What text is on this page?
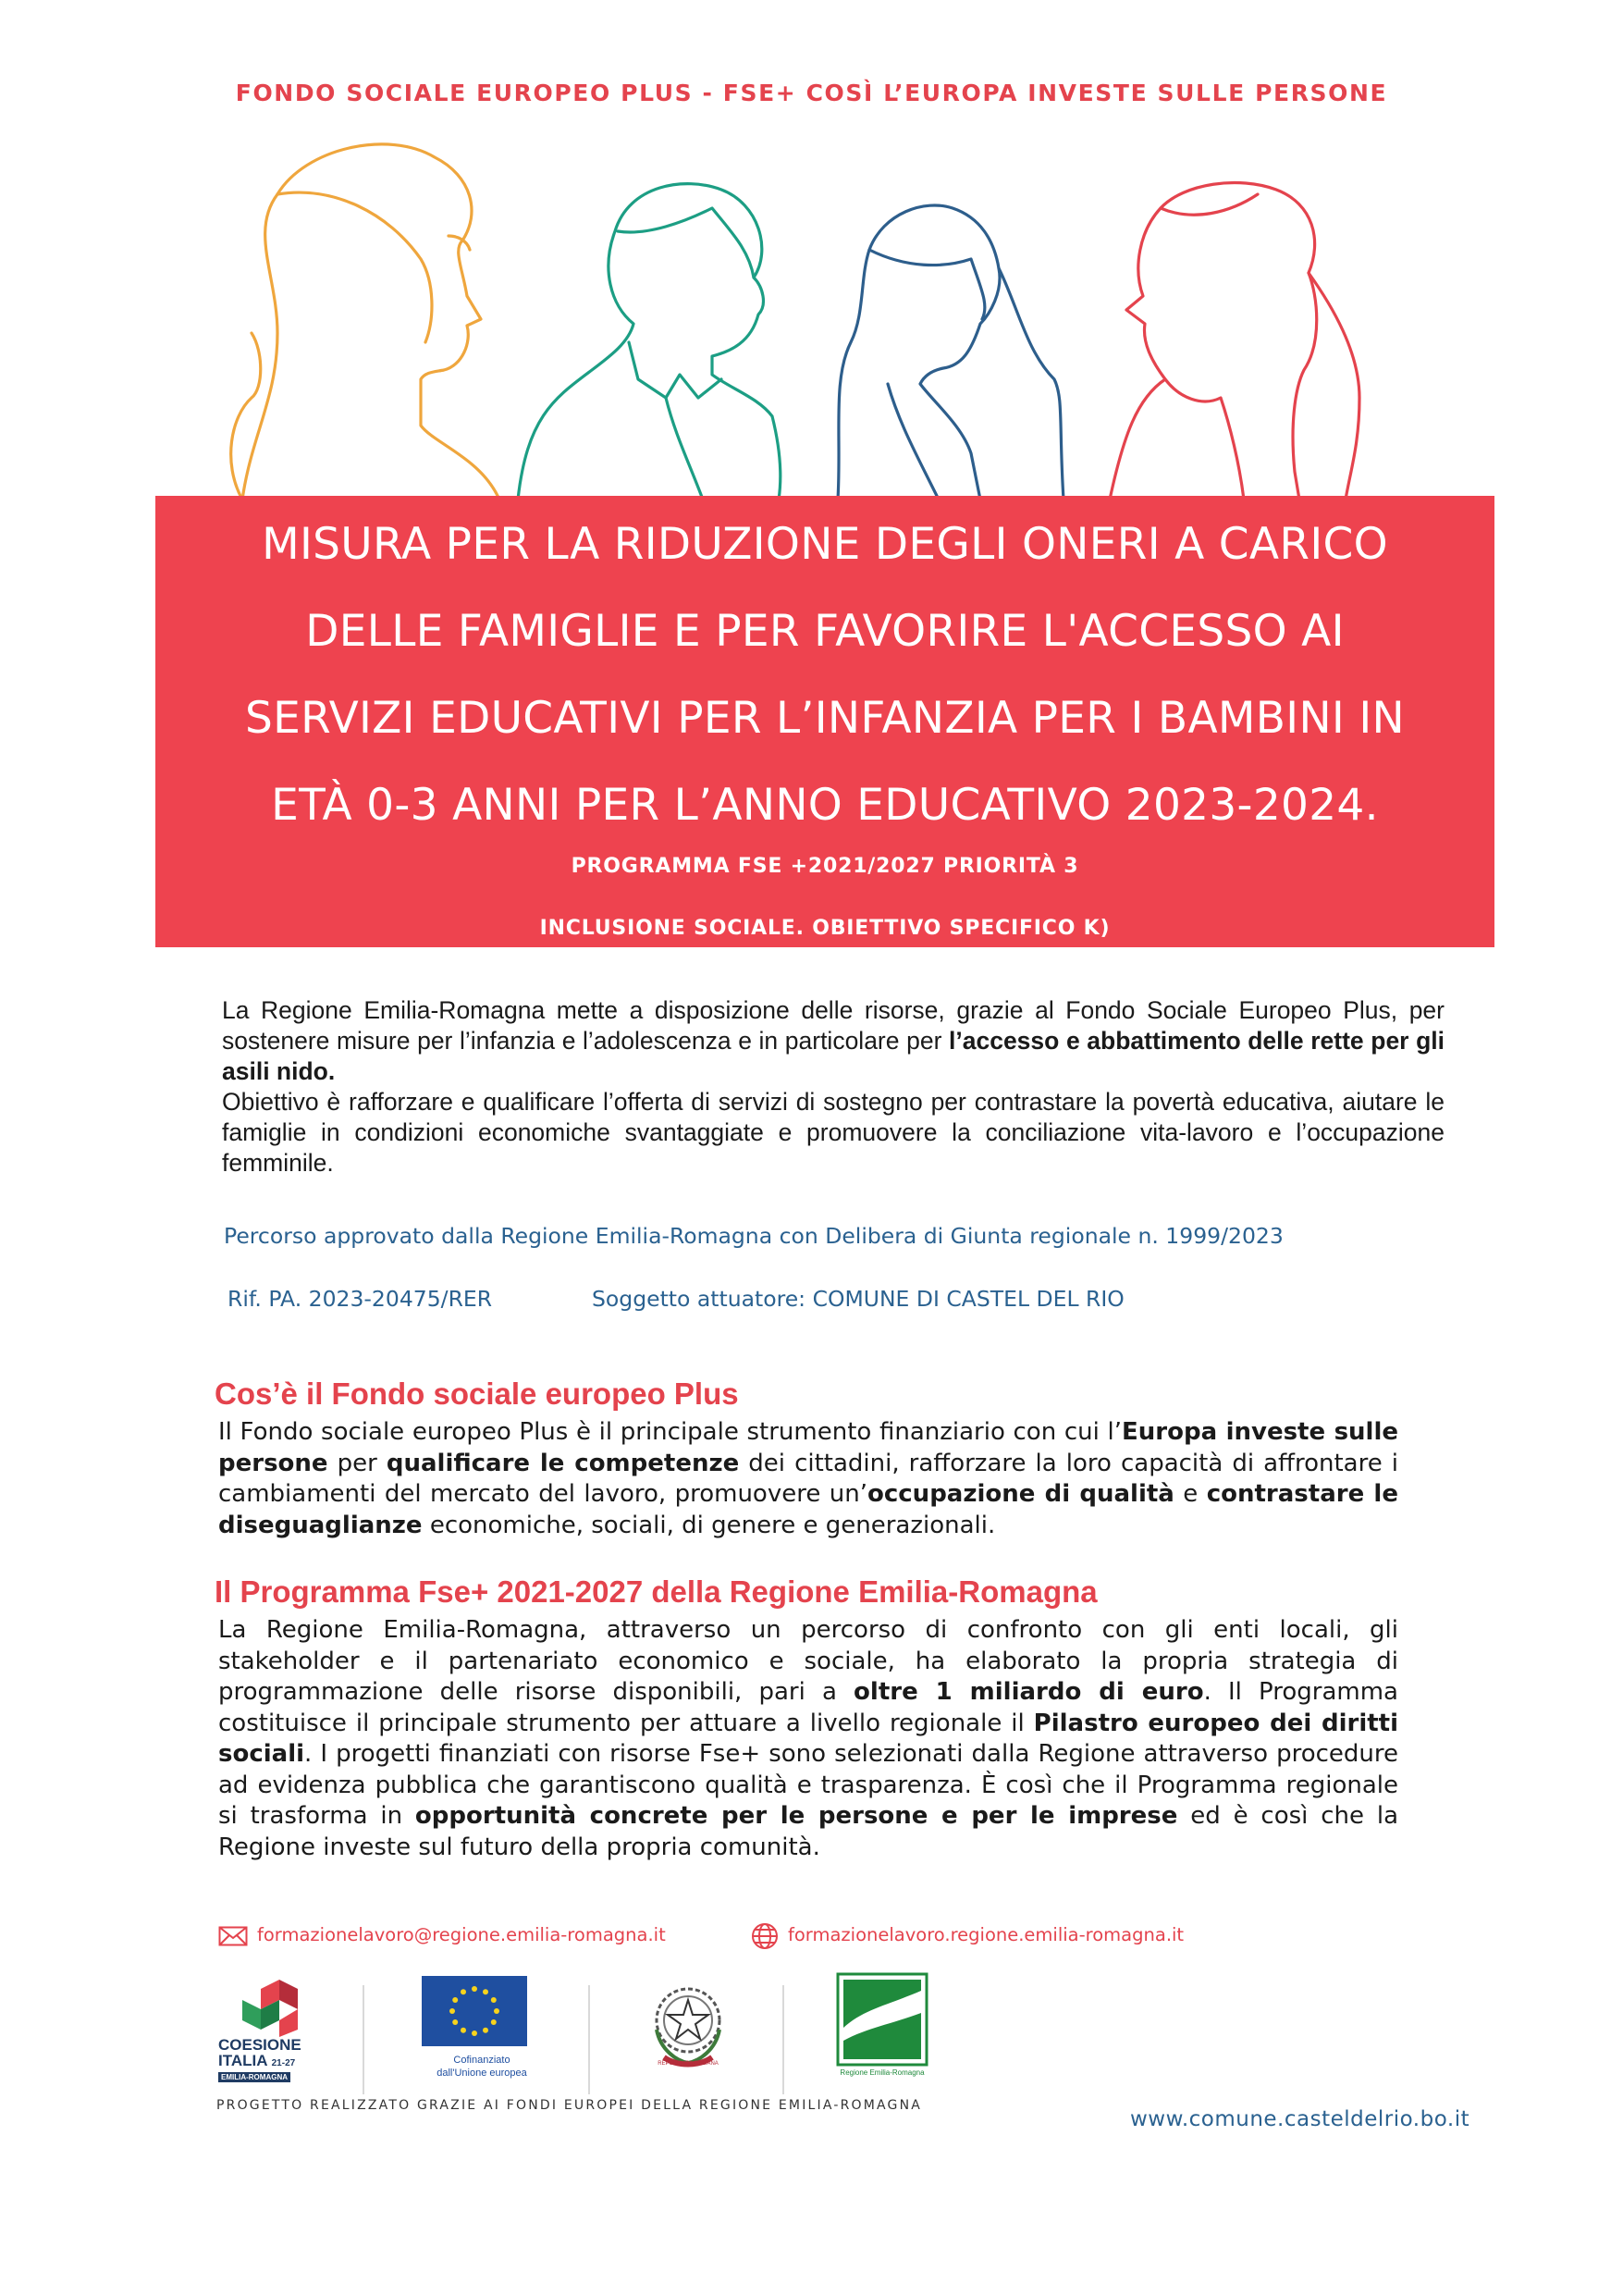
FONDO SOCIALE EUROPEO PLUS - FSE+ COSÌ L’EUROPA INVESTE SULLE PERSONE
MISURA PER LA RIDUZIONE DEGLI ONERI A CARICO
DELLE FAMIGLIE E PER FAVORIRE L'ACCESSO AI
SERVIZI EDUCATIVI PER L’INFANZIA PER I BAMBINI IN
ETÀ 0-3 ANNI PER L’ANNO EDUCATIVO 2023-2024.
PROGRAMMA FSE +2021/2027 PRIORITÀ 3
INCLUSIONE SOCIALE. OBIETTIVO SPECIFICO K)

La Regione Emilia-Romagna mette a disposizione delle risorse, grazie al Fondo Sociale Europeo Plus, per sostenere misure per l’infanzia e l’adolescenza e in particolare per l’accesso e abbattimento delle rette per gli asili nido.

Obiettivo è rafforzare e qualificare l’offerta di servizi di sostegno per contrastare la povertà educativa, aiutare le famiglie in condizioni economiche svantaggiate e promuovere la conciliazione vita-lavoro e l’occupazione femminile.

Percorso approvato dalla Regione Emilia-Romagna con Delibera di Giunta regionale n. 1999/2023
Rif. PA. 2023-20475/RER	Soggetto attuatore: COMUNE DI CASTEL DEL RIO
Cos’è il Fondo sociale europeo Plus

Il Fondo sociale europeo Plus è il principale strumento finanziario con cui l’Europa investe sulle persone per qualificare le competenze dei cittadini, rafforzare la loro capacità di affrontare i cambiamenti del mercato del lavoro, promuovere un’occupazione di qualità e contrastare le diseguaglianze economiche, sociali, di genere e generazionali.

Il Programma Fse+ 2021-2027 della Regione Emilia-Romagna

La Regione Emilia-Romagna, attraverso un percorso di confronto con gli enti locali, gli stakeholder e il partenariato economico e sociale, ha elaborato la propria strategia di programmazione delle risorse disponibili, pari a oltre 1 miliardo di euro. Il Programma costituisce il principale strumento per attuare a livello regionale il Pilastro europeo dei diritti sociali. I progetti finanziati con risorse Fse+ sono selezionati dalla Regione attraverso procedure ad evidenza pubblica che garantiscono qualità e trasparenza. È così che il Programma regionale si trasforma in opportunità concrete per le persone e per le imprese ed è così che la Regione investe sul futuro della propria comunità.

formazionelavoro@regione.emilia-romagna.it	formazionelavoro.regione.emilia-romagna.it
COESIONE
ITALIA 21-27
EMILIA-ROMAGNA
Cofinanziato
dall'Unione europea
REPUBBLICA ITALIANA
Regione Emilia-Romagna
PROGETTO REALIZZATO GRAZIE AI FONDI EUROPEI DELLA REGIONE EMILIA-ROMAGNA
www.comune.casteldelrio.bo.it
